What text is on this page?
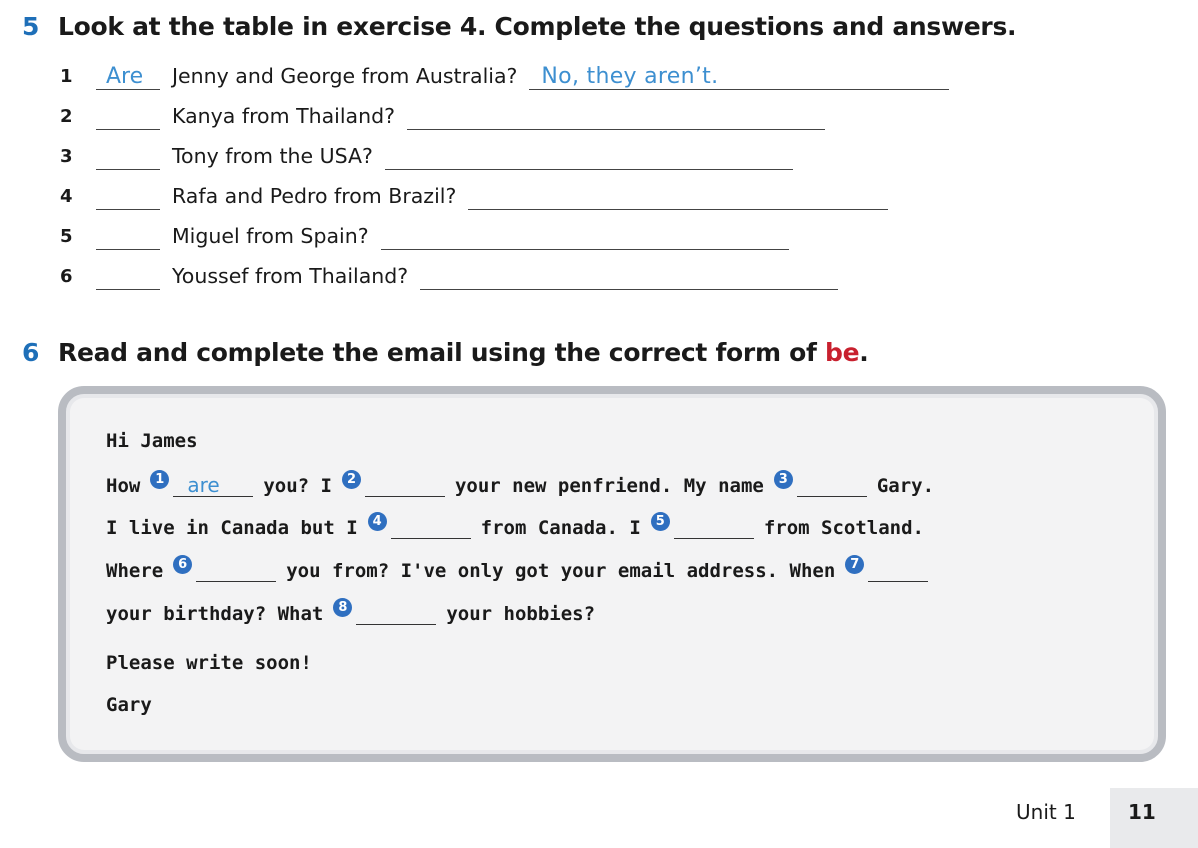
5 Look at the table in exercise 4. Complete the questions and answers.
1	Are Jenny and George from Australia? No, they aren’t.
2	Kanya from Thailand?
3	Tony from the USA?
4	Rafa and Pedro from Brazil?
5	Miguel from Spain?
6	Youssef from Thailand?
6 Read and complete the email using the correct form of be.
Hi James
How	1 are you? I	2	your new penfriend. My name	3	Gary.
I live in Canada but I	4	from Canada. I	5	from Scotland.
Where	6	you from? I've only got your email address. When	7
your birthday? What	8	your hobbies?
Please write soon!
Gary
Unit 1	11
